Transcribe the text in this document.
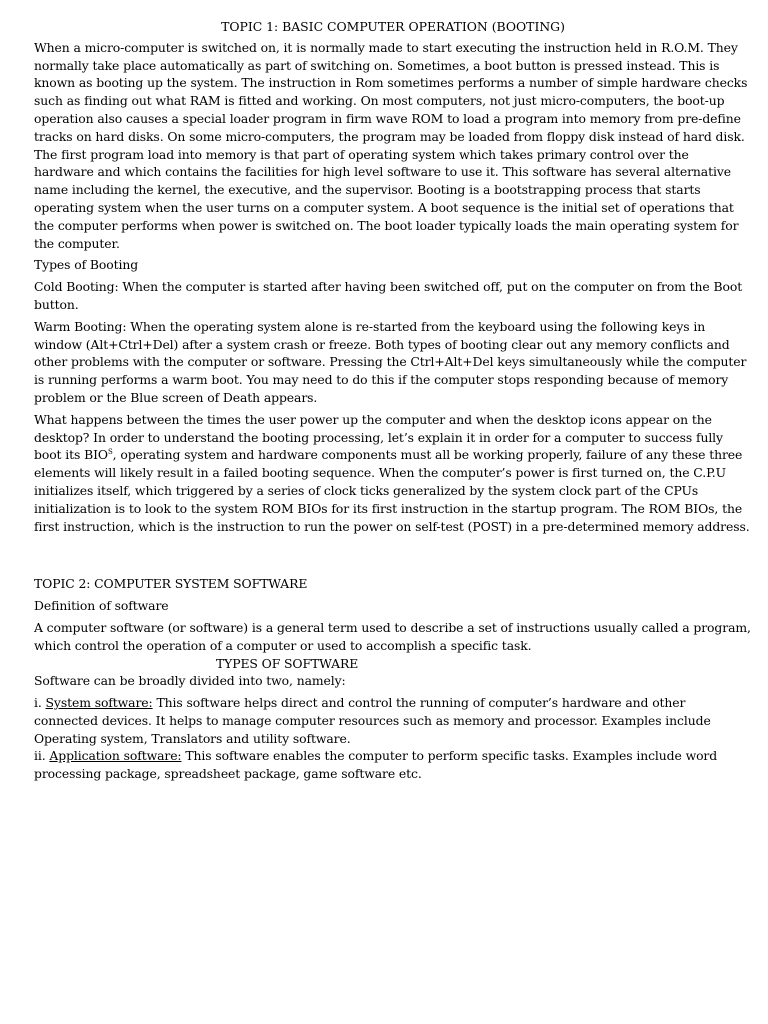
TOPIC 1: BASIC COMPUTER OPERATION (BOOTING)

When a micro-computer is switched on, it is normally made to start executing the instruction held in R.O.M. They normally take place automatically as part of switching on. Sometimes, a boot button is pressed instead. This is known as booting up the system. The instruction in Rom sometimes performs a number of simple hardware checks such as finding out what RAM is fitted and working. On most computers, not just micro-computers, the boot-up operation also causes a special loader program in firm wave ROM to load a program into memory from pre-define tracks on hard disks. On some micro-computers, the program may be loaded from floppy disk instead of hard disk. The first program load into memory is that part of operating system which takes primary control over the hardware and which contains the facilities for high level software to use it. This software has several alternative name including the kernel, the executive, and the supervisor. Booting is a bootstrapping process that starts operating system when the user turns on a computer system. A boot sequence is the initial set of operations that the computer performs when power is switched on. The boot loader typically loads the main operating system for the computer.

Types of Booting

Cold Booting: When the computer is started after having been switched off, put on the computer on from the Boot button.

Warm Booting: When the operating system alone is re-started from the keyboard using the following keys in window (Alt+Ctrl+Del) after a system crash or freeze. Both types of booting clear out any memory conflicts and other problems with the computer or software. Pressing the Ctrl+Alt+Del keys simultaneously while the computer is running performs a warm boot. You may need to do this if the computer stops responding because of memory problem or the Blue screen of Death appears.

What happens between the times the user power up the computer and when the desktop icons appear on the desktop? In order to understand the booting processing, let’s explain it in order for a computer to success fully boot its $BIO^S$, operating system and hardware components must all be working properly, failure of any these three elements will likely result in a failed booting sequence. When the computer’s power is first turned on, the C.P.U initializes itself, which triggered by a series of clock ticks generalized by the system clock part of the CPUs initialization is to look to the system ROM BIOs for its first instruction in the startup program. The ROM BIOs, the first instruction, which is the instruction to run the power on self-test (POST) in a pre-determined memory address.

TOPIC 2: COMPUTER SYSTEM SOFTWARE

Definition of software

A computer software (or software) is a general term used to describe a set of instructions usually called a program, which control the operation of a computer or used to accomplish a specific task.

TYPES OF SOFTWARE

Software can be broadly divided into two, namely:

i. System software: This software helps direct and control the running of computer’s hardware and other connected devices. It helps to manage computer resources such as memory and processor. Examples include Operating system, Translators and utility software.

ii. Application software: This software enables the computer to perform specific tasks. Examples include word processing package, spreadsheet package, game software etc.
